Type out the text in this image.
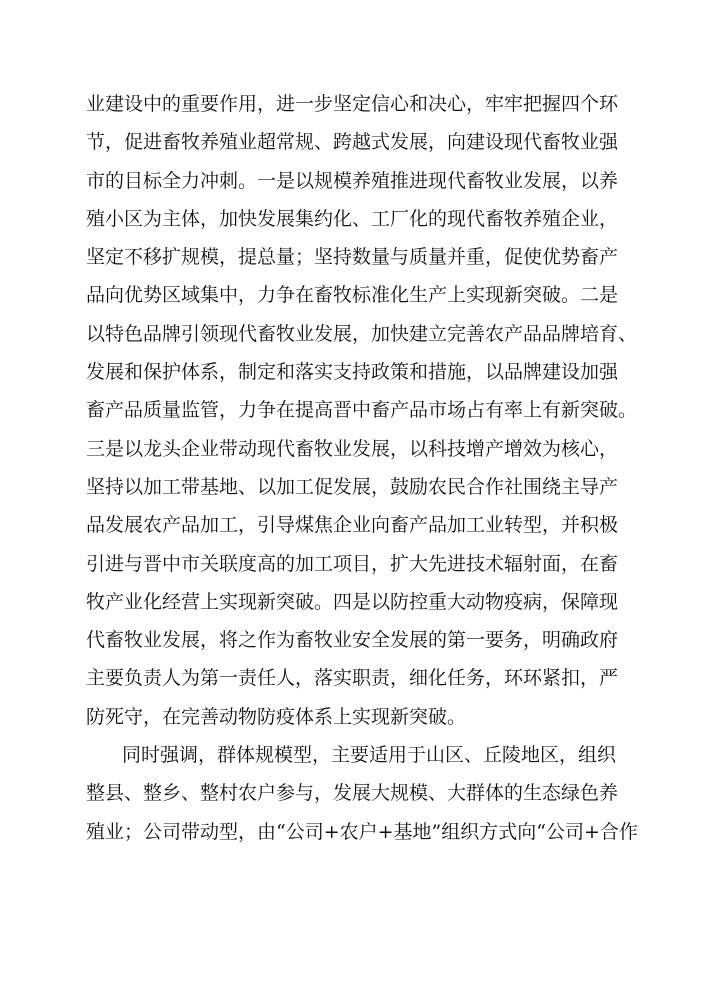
业建设中的重要作用，进一步坚定信心和决心，牢牢把握四个环
节，促进畜牧养殖业超常规、跨越式发展，向建设现代畜牧业强
市的目标全力冲刺。一是以规模养殖推进现代畜牧业发展，以养
殖小区为主体，加快发展集约化、工厂化的现代畜牧养殖企业，
坚定不移扩规模，提总量；坚持数量与质量并重，促使优势畜产
品向优势区域集中，力争在畜牧标准化生产上实现新突破。二是
以特色品牌引领现代畜牧业发展，加快建立完善农产品品牌培育、
发展和保护体系，制定和落实支持政策和措施，以品牌建设加强
畜产品质量监管，力争在提高晋中畜产品市场占有率上有新突破。
三是以龙头企业带动现代畜牧业发展，以科技增产增效为核心，
坚持以加工带基地、以加工促发展，鼓励农民合作社围绕主导产
品发展农产品加工，引导煤焦企业向畜产品加工业转型，并积极
引进与晋中市关联度高的加工项目，扩大先进技术辐射面，在畜
牧产业化经营上实现新突破。四是以防控重大动物疫病，保障现
代畜牧业发展，将之作为畜牧业安全发展的第一要务，明确政府
主要负责人为第一责任人，落实职责，细化任务，环环紧扣，严
防死守，在完善动物防疫体系上实现新突破。
同时强调，群体规模型，主要适用于山区、丘陵地区，组织
整县、整乡、整村农户参与，发展大规模、大群体的生态绿色养
殖业；公司带动型，由“公司+农户+基地”组织方式向“公司+合作
